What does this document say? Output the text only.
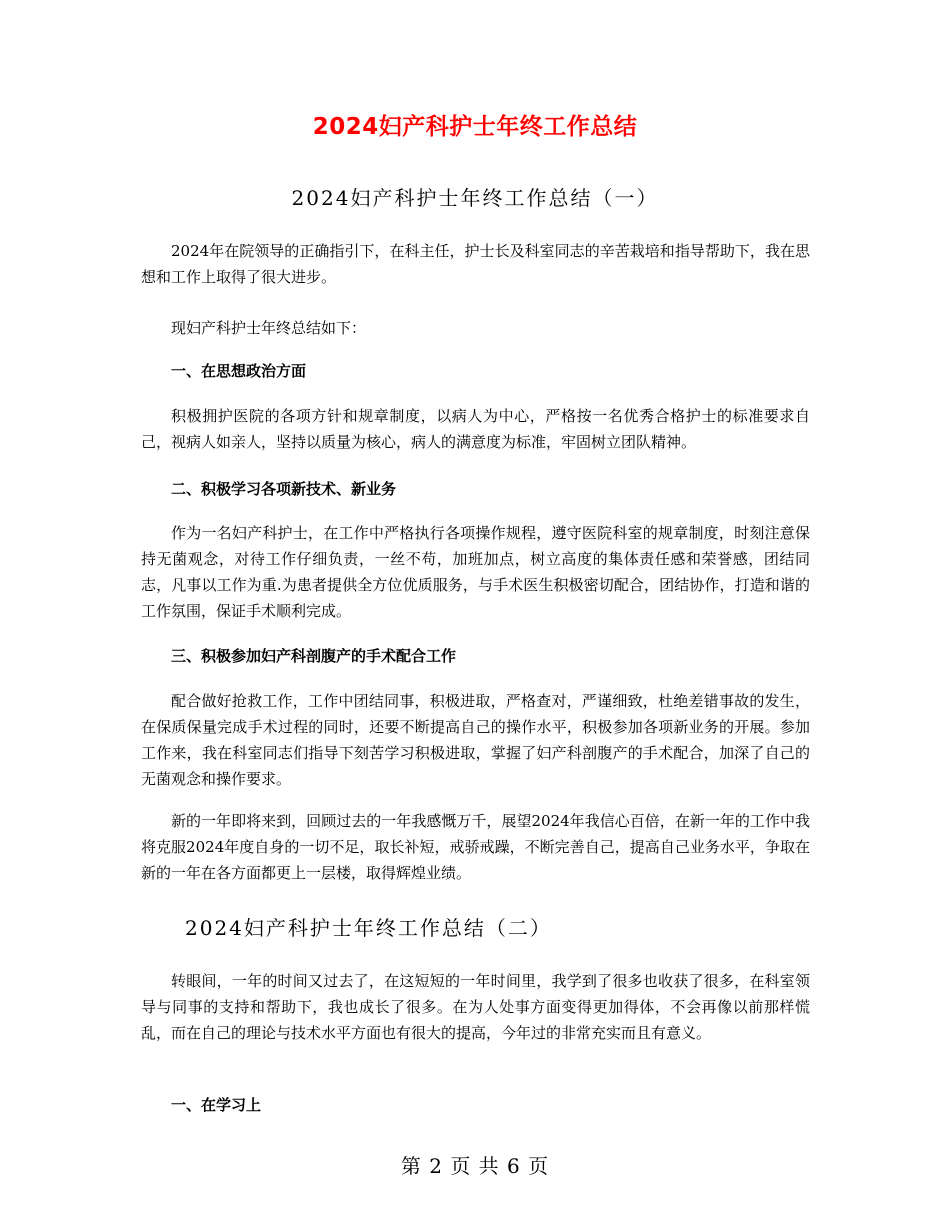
2024妇产科护士年终工作总结
2024妇产科护士年终工作总结（一）

2024年在院领导的正确指引下，在科主任，护士长及科室同志的辛苦栽培和指导帮助下，我在思想和工作上取得了很大进步。

现妇产科护士年终总结如下：

一、在思想政治方面

积极拥护医院的各项方针和规章制度，以病人为中心，严格按一名优秀合格护士的标准要求自己，视病人如亲人，坚持以质量为核心，病人的满意度为标准，牢固树立团队精神。

二、积极学习各项新技术、新业务

作为一名妇产科护士，在工作中严格执行各项操作规程，遵守医院科室的规章制度，时刻注意保持无菌观念，对待工作仔细负责，一丝不苟，加班加点，树立高度的集体责任感和荣誉感，团结同志，凡事以工作为重.为患者提供全方位优质服务，与手术医生积极密切配合，团结协作，打造和谐的工作氛围，保证手术顺利完成。

三、积极参加妇产科剖腹产的手术配合工作

配合做好抢救工作，工作中团结同事，积极进取，严格查对，严谨细致，杜绝差错事故的发生，在保质保量完成手术过程的同时，还要不断提高自己的操作水平，积极参加各项新业务的开展。参加工作来，我在科室同志们指导下刻苦学习积极进取，掌握了妇产科剖腹产的手术配合，加深了自己的无菌观念和操作要求。

新的一年即将来到，回顾过去的一年我感慨万千，展望2024年我信心百倍，在新一年的工作中我将克服2024年度自身的一切不足，取长补短，戒骄戒躁，不断完善自己，提高自己业务水平，争取在新的一年在各方面都更上一层楼，取得辉煌业绩。

2024妇产科护士年终工作总结（二）

转眼间，一年的时间又过去了，在这短短的一年时间里，我学到了很多也收获了很多，在科室领导与同事的支持和帮助下，我也成长了很多。在为人处事方面变得更加得体，不会再像以前那样慌乱，而在自己的理论与技术水平方面也有很大的提高，今年过的非常充实而且有意义。

一、在学习上

第 2 页 共 6 页
